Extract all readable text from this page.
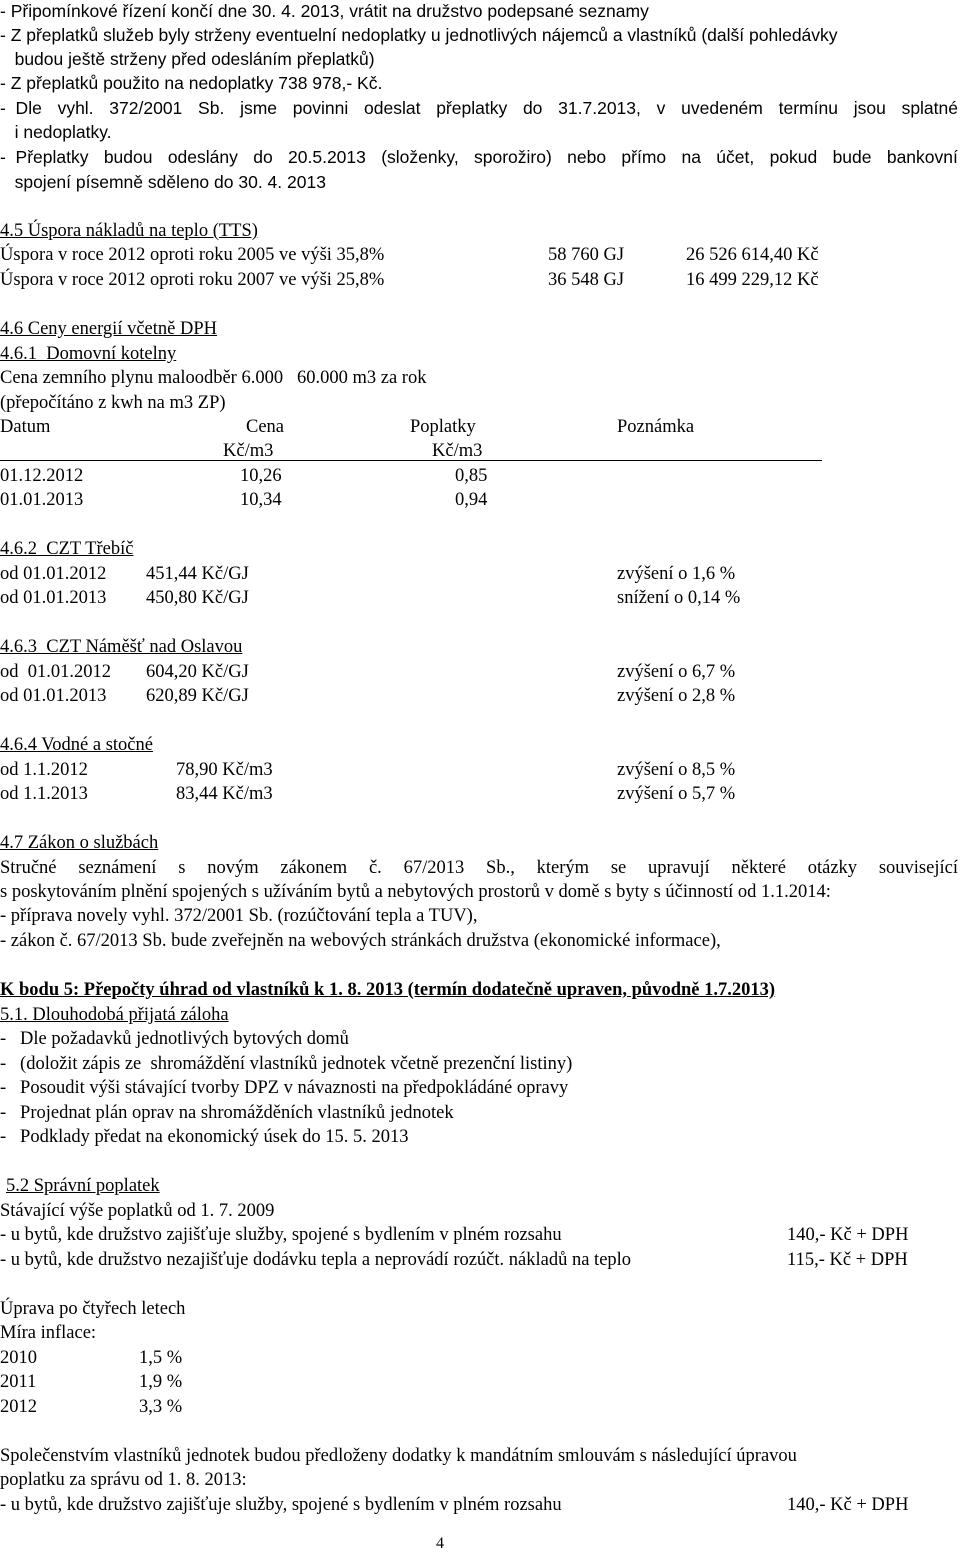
- Připomínkové řízení končí dne 30. 4. 2013, vrátit na družstvo podepsané seznamy
- Z přeplatků služeb byly strženy eventuelní nedoplatky u jednotlivých nájemců a vlastníků (další pohledávky
budou ještě strženy před odesláním přeplatků)
- Z přeplatků použito na nedoplatky 738 978,- Kč.
-  Dle vyhl. 372/2001 Sb. jsme povinni odeslat přeplatky do 31.7.2013, v uvedeném termínu jsou splatné
i nedoplatky.
-  Přeplatky budou odeslány do 20.5.2013 (složenky, sporožiro) nebo přímo na účet, pokud bude bankovní
spojení písemně sděleno do 30. 4. 2013
4.5 Úspora nákladů na teplo (TTS)
Úspora v roce 2012 oproti roku 2005 ve výši 35,8%	58 760 GJ	26 526 614,40 Kč
Úspora v roce 2012 oproti roku 2007 ve výši 25,8%	36 548 GJ	16 499 229,12 Kč
4.6 Ceny energií včetně DPH
4.6.1  Domovní kotelny
Cena zemního plynu maloodběr 6.000   60.000 m3 za rok
(přepočítáno z kwh na m3 ZP)
Datum	Cena	Poplatky	Poznámka
Kč/m3	Kč/m3
01.12.2012	10,26	0,85
01.01.2013	10,34	0,94
4.6.2  CZT Třebíč
od 01.01.2012 451,44 Kč/GJ	zvýšení o 1,6 %
od 01.01.2013 450,80 Kč/GJ	snížení o 0,14 %
4.6.3  CZT Náměšť nad Oslavou
od  01.01.2012 604,20 Kč/GJ	zvýšení o 6,7 %
od 01.01.2013 620,89 Kč/GJ	zvýšení o 2,8 %
4.6.4 Vodné a stočné
od 1.1.2012	78,90 Kč/m3	zvýšení o 8,5 %
od 1.1.2013	83,44 Kč/m3	zvýšení o 5,7 %
4.7 Zákon o službách
Stručné seznámení s novým zákonem č. 67/2013 Sb., kterým se upravují některé otázky související
s poskytováním plnění spojených s užíváním bytů a nebytových prostorů v domě s byty s účinností od 1.1.2014:
- příprava novely vyhl. 372/2001 Sb. (rozúčtování tepla a TUV),
- zákon č. 67/2013 Sb. bude zveřejněn na webových stránkách družstva (ekonomické informace),
K bodu 5: Přepočty úhrad od vlastníků k 1. 8. 2013 (termín dodatečně upraven, původně 1.7.2013)
5.1. Dlouhodobá přijatá záloha
-   Dle požadavků jednotlivých bytových domů
-   (doložit zápis ze  shromáždění vlastníků jednotek včetně prezenční listiny)
-   Posoudit výši stávající tvorby DPZ v návaznosti na předpokládáné opravy
-   Projednat plán oprav na shromážděních vlastníků jednotek
-   Podklady předat na ekonomický úsek do 15. 5. 2013
5.2 Správní poplatek
Stávající výše poplatků od 1. 7. 2009
- u bytů, kde družstvo zajišťuje služby, spojené s bydlením v plném rozsahu	140,- Kč + DPH
- u bytů, kde družstvo nezajišťuje dodávku tepla a neprovádí rozúčt. nákladů na teplo	115,- Kč + DPH
Úprava po čtyřech letech
Míra inflace:
2010	1,5 %
2011	1,9 %
2012	3,3 %
Společenstvím vlastníků jednotek budou předloženy dodatky k mandátním smlouvám s následující úpravou
poplatku za správu od 1. 8. 2013:
- u bytů, kde družstvo zajišťuje služby, spojené s bydlením v plném rozsahu	140,- Kč + DPH
4
